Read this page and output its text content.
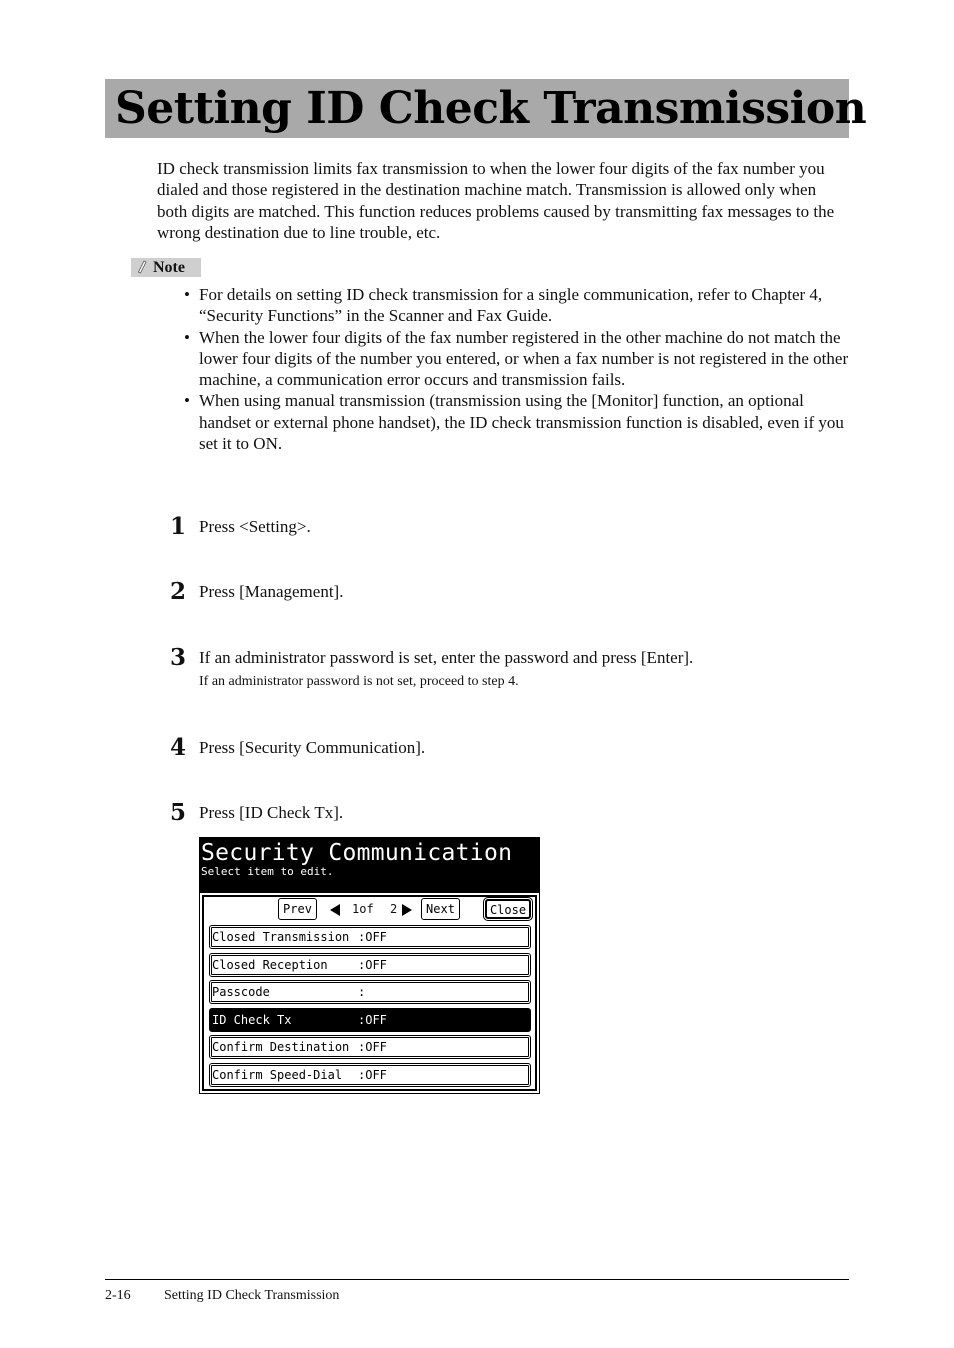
Setting ID Check Transmission

ID check transmission limits fax transmission to when the lower four digits of the fax number you dialed and those registered in the destination machine match. Transmission is allowed only when both digits are matched. This function reduces problems caused by transmitting fax messages to the wrong destination due to line trouble, etc.

Note
• For details on setting ID check transmission for a single communication, refer to Chapter 4, “Security Functions” in the Scanner and Fax Guide.
• When the lower four digits of the fax number registered in the other machine do not match the lower four digits of the number you entered, or when a fax number is not registered in the other machine, a communication error occurs and transmission fails.
• When using manual transmission (transmission using the [Monitor] function, an optional handset or external phone handset), the ID check transmission function is disabled, even if you set it to ON.
1 Press <Setting>.
2 Press [Management].
3 If an administrator password is set, enter the password and press [Enter].
If an administrator password is not set, proceed to step 4.
4 Press [Security Communication].
5 Press [ID Check Tx].
Security Communication
Select item to edit.
Prev	1of 2	Next	Close
Closed Transmission :OFF
Closed Reception	:OFF
Passcode	:
ID Check Tx	:OFF
Confirm Destination :OFF
Confirm Speed-Dial :OFF
2-16 Setting ID Check Transmission
